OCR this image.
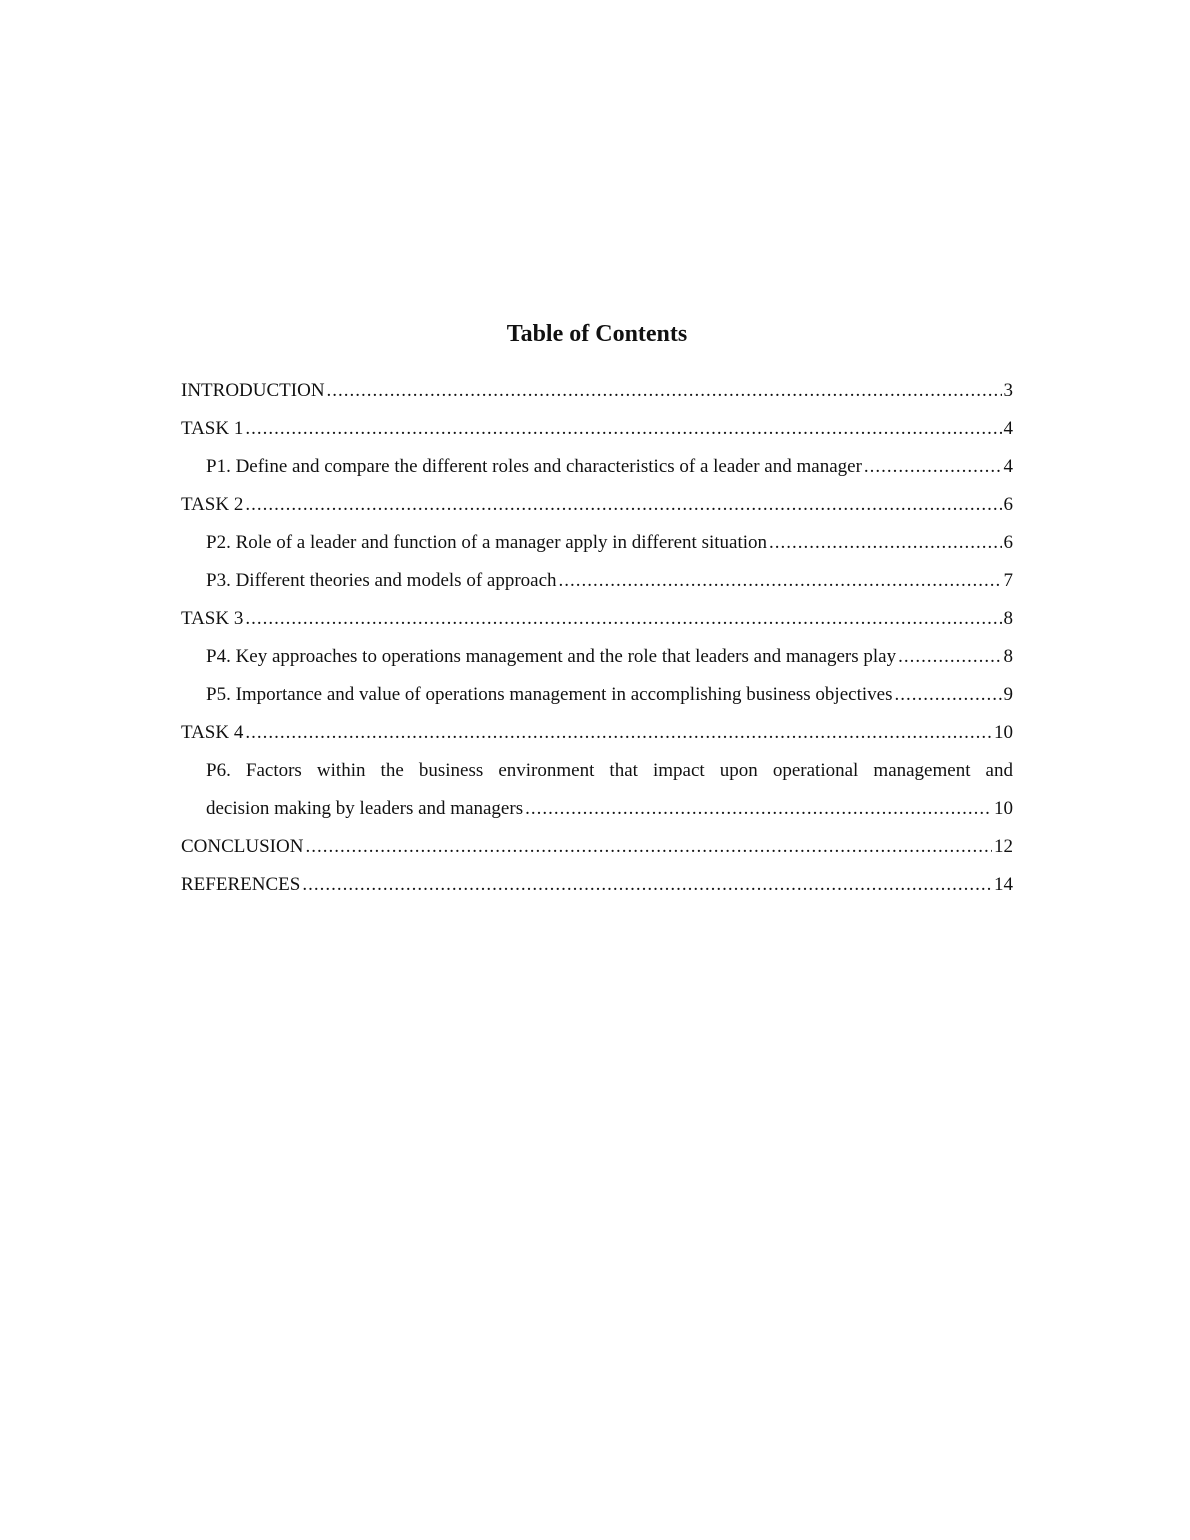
Table of Contents
INTRODUCTION .....	3
TASK 1 .....	4
P1. Define and compare the different roles and characteristics of a leader and manager .....	4
TASK 2 .....	6
P2. Role of a leader and function of a manager apply in different situation .....	6
P3. Different theories and models of approach .....	7
TASK 3 .....	8
P4. Key approaches to operations management and the role that leaders and managers play .....	8
P5. Importance and value of operations management in accomplishing business objectives .....	9
TASK 4 .....	10
P6. Factors within the business environment that impact upon operational management and
decision making by leaders and managers .....	10
CONCLUSION .....	12
REFERENCES .....	14
